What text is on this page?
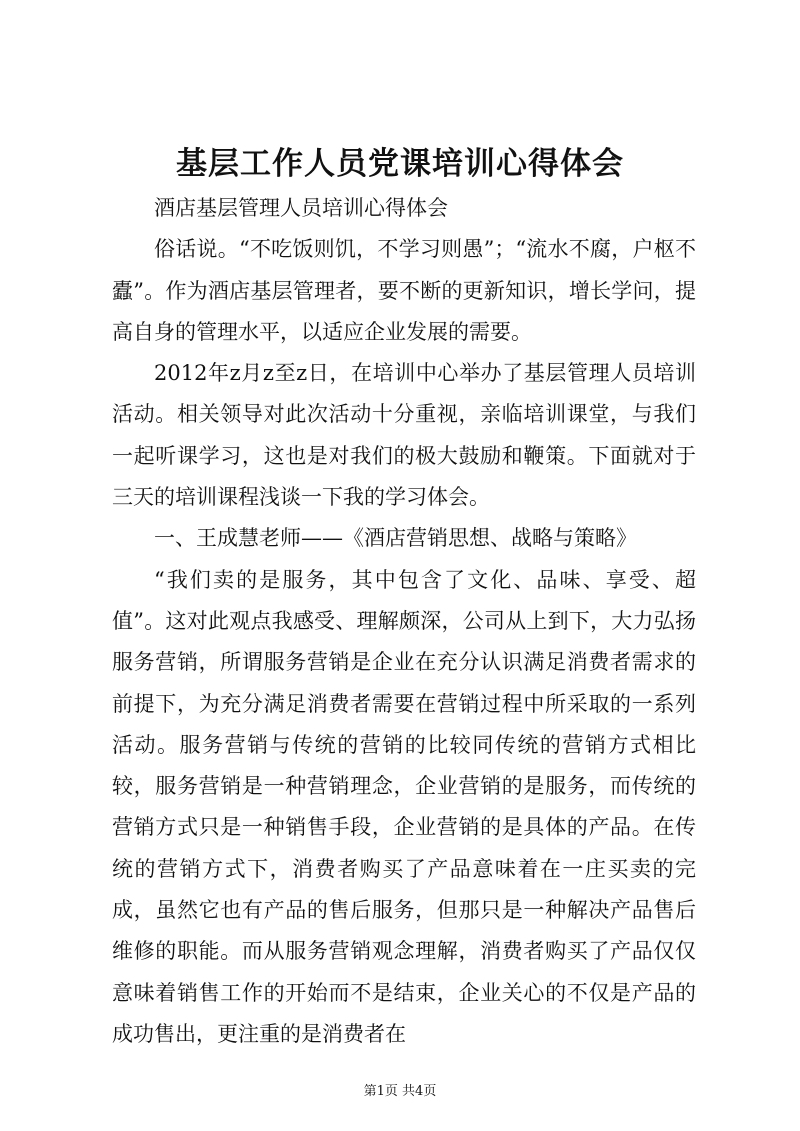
基层工作人员党课培训心得体会

酒店基层管理人员培训心得体会

俗话说。“不吃饭则饥，不学习则愚”；“流水不腐，户枢不蠹”。作为酒店基层管理者，要不断的更新知识，增长学问，提高自身的管理水平，以适应企业发展的需要。

2012年z月z至z日，在培训中心举办了基层管理人员培训活动。相关领导对此次活动十分重视，亲临培训课堂，与我们一起听课学习，这也是对我们的极大鼓励和鞭策。下面就对于三天的培训课程浅谈一下我的学习体会。

一、王成慧老师——《酒店营销思想、战略与策略》

“我们卖的是服务，其中包含了文化、品味、享受、超值”。这对此观点我感受、理解颇深，公司从上到下，大力弘扬服务营销，所谓服务营销是企业在充分认识满足消费者需求的前提下，为充分满足消费者需要在营销过程中所采取的一系列活动。服务营销与传统的营销的比较同传统的营销方式相比较，服务营销是一种营销理念，企业营销的是服务，而传统的营销方式只是一种销售手段，企业营销的是具体的产品。在传统的营销方式下，消费者购买了产品意味着在一庄买卖的完成，虽然它也有产品的售后服务，但那只是一种解决产品售后维修的职能。而从服务营销观念理解，消费者购买了产品仅仅意味着销售工作的开始而不是结束，企业关心的不仅是产品的成功售出，更注重的是消费者在

第1页 共4页
